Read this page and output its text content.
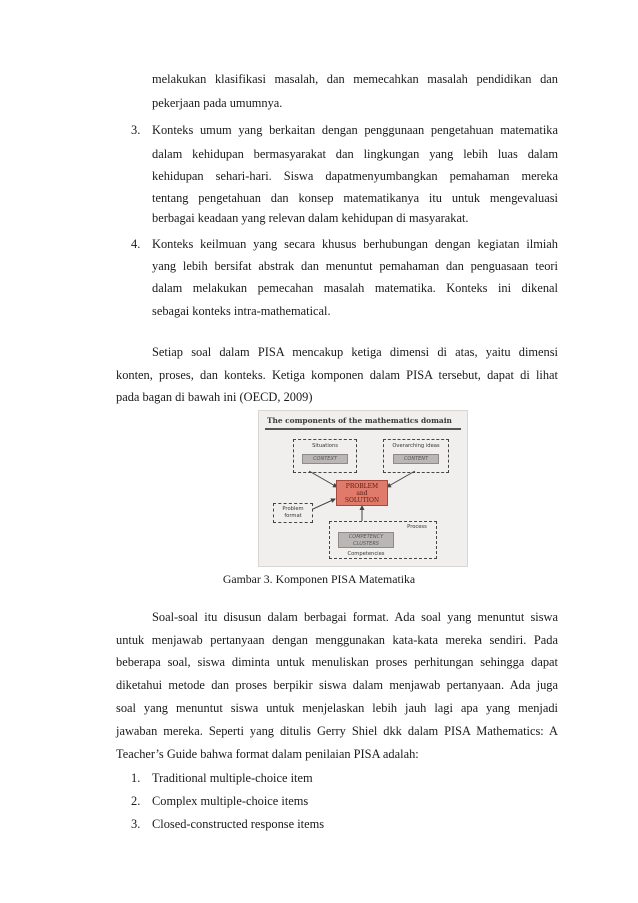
melakukan klasifikasi masalah, dan memecahkan masalah pendidikan dan
pekerjaan pada umumnya.
3. Konteks umum yang berkaitan dengan penggunaan pengetahuan matematika
dalam kehidupan bermasyarakat dan lingkungan yang lebih luas dalam
kehidupan sehari-hari. Siswa dapatmenyumbangkan pemahaman mereka
tentang pengetahuan dan konsep matematikanya itu untuk mengevaluasi
berbagai keadaan yang relevan dalam kehidupan di masyarakat.
4. Konteks keilmuan yang secara khusus berhubungan dengan kegiatan ilmiah
yang lebih bersifat abstrak dan menuntut pemahaman dan penguasaan teori
dalam melakukan pemecahan masalah matematika. Konteks ini dikenal
sebagai konteks intra-mathematical.
Setiap soal dalam PISA mencakup ketiga dimensi di atas, yaitu dimensi
konten, proses, dan konteks. Ketiga komponen dalam PISA tersebut, dapat di lihat
pada bagan di bawah ini (OECD, 2009)
The components of the mathematics domain
Situations
CONTEXT
Overarching ideas
CONTENT
PROBLEM
and
SOLUTION
Problem
format
Process
COMPETENCY
CLUSTERS
Competencies
Gambar 3. Komponen PISA Matematika
Soal-soal itu disusun dalam berbagai format. Ada soal yang menuntut siswa
untuk menjawab pertanyaan dengan menggunakan kata-kata mereka sendiri. Pada
beberapa soal, siswa diminta untuk menuliskan proses perhitungan sehingga dapat
diketahui metode dan proses berpikir siswa dalam menjawab pertanyaan. Ada juga
soal yang menuntut siswa untuk menjelaskan lebih jauh lagi apa yang menjadi
jawaban mereka. Seperti yang ditulis Gerry Shiel dkk dalam PISA Mathematics: A
Teacher’s Guide bahwa format dalam penilaian PISA adalah:
1. Traditional multiple-choice item
2. Complex multiple-choice items
3. Closed-constructed response items
